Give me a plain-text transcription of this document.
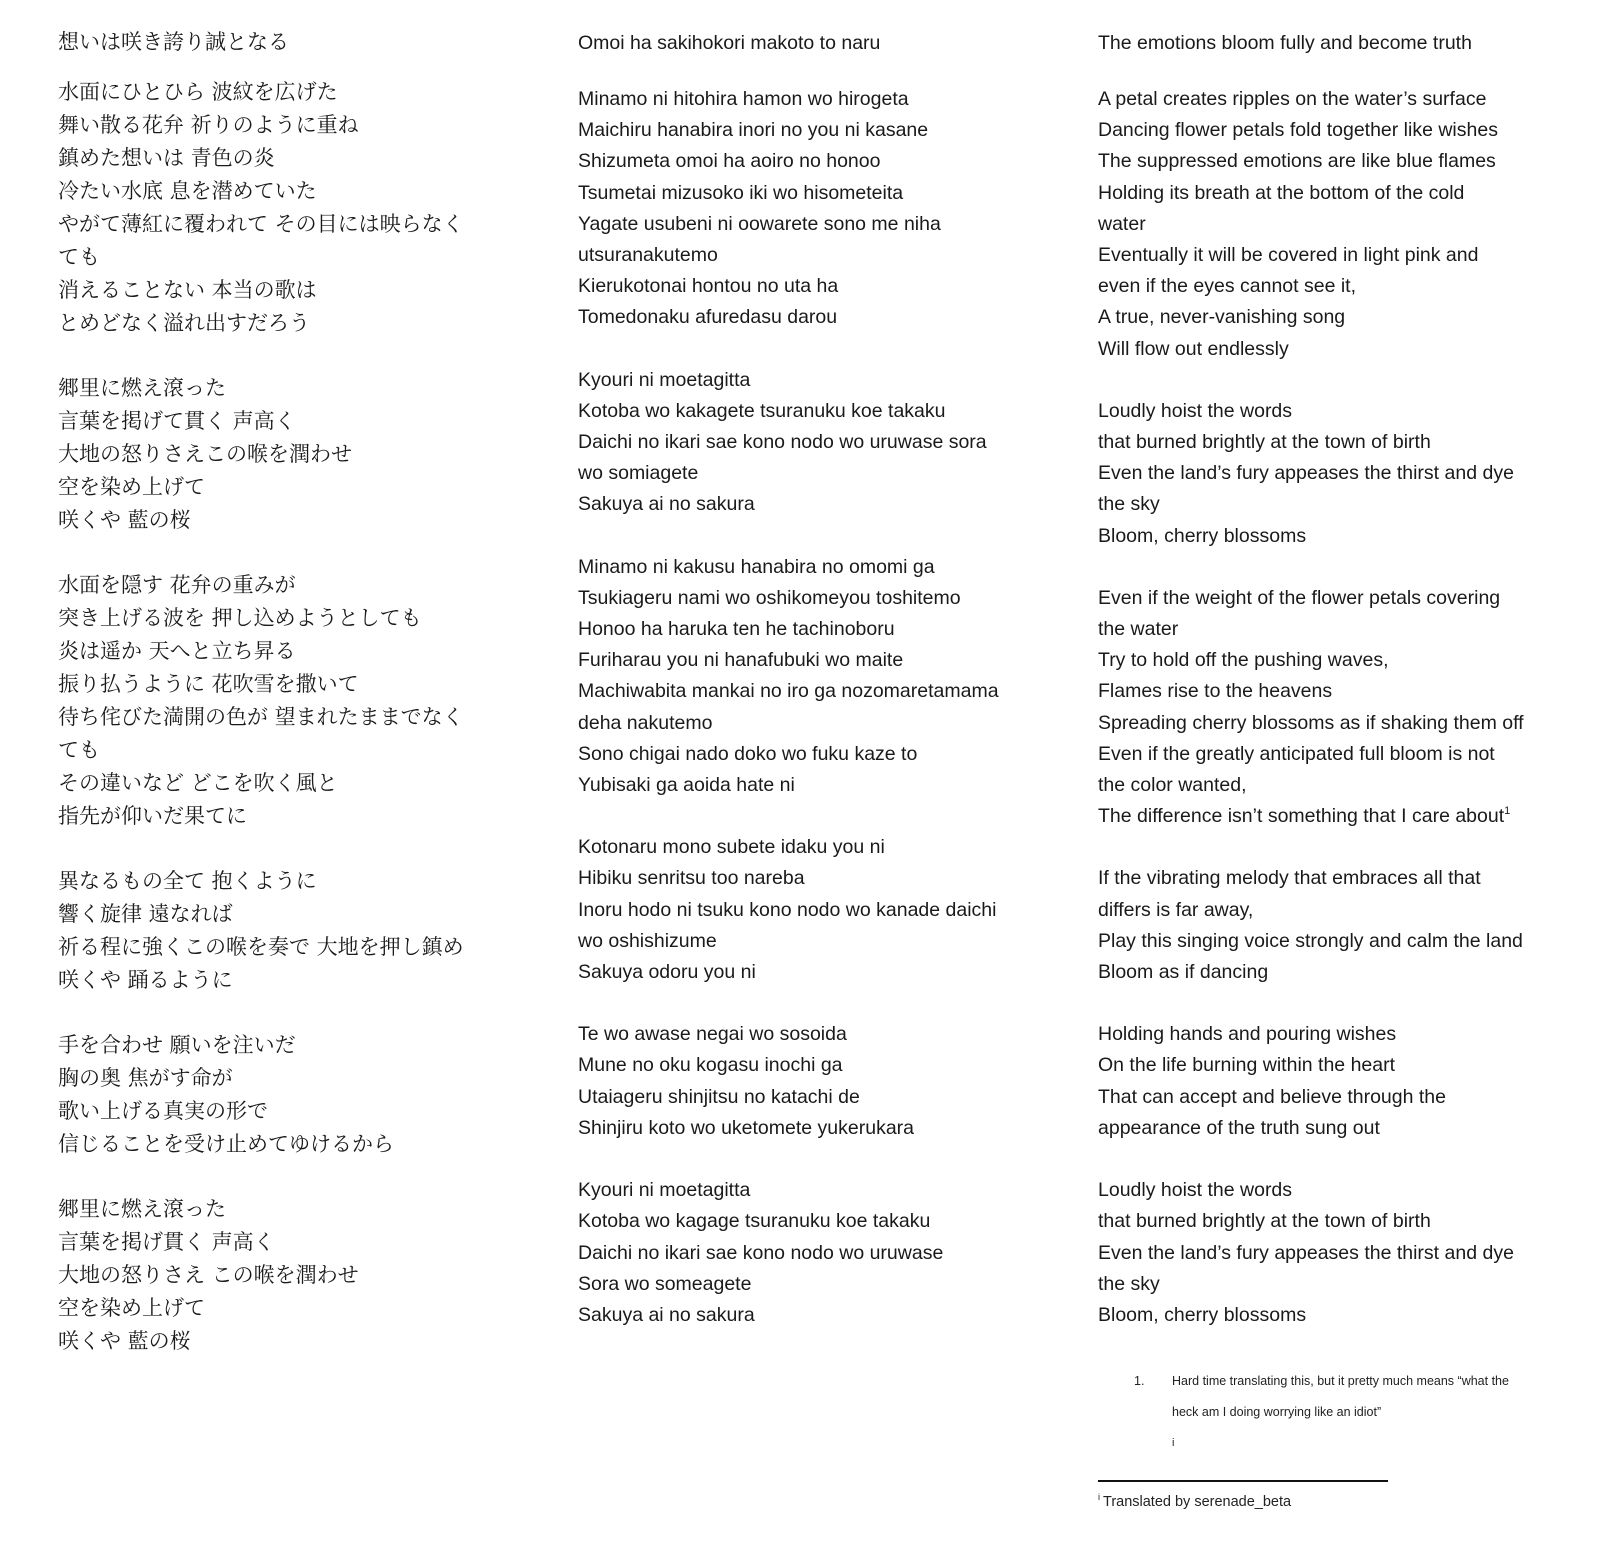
想いは咲き誇り誠となる
水面にひとひら 波紋を広げた
舞い散る花弁 祈りのように重ね
鎮めた想いは 青色の炎
冷たい水底 息を潜めていた
やがて薄紅に覆われて その目には映らなく
ても
消えることない 本当の歌は
とめどなく溢れ出すだろう
郷里に燃え滾った
言葉を掲げて貫く 声高く
大地の怒りさえこの喉を潤わせ
空を染め上げて
咲くや 藍の桜
水面を隠す 花弁の重みが
突き上げる波を 押し込めようとしても
炎は遥か 天へと立ち昇る
振り払うように 花吹雪を撒いて
待ち侘びた満開の色が 望まれたままでなく
ても
その違いなど どこを吹く風と
指先が仰いだ果てに
異なるもの全て 抱くように
響く旋律 遠なれば
祈る程に強くこの喉を奏で 大地を押し鎮め
咲くや 踊るように
手を合わせ 願いを注いだ
胸の奥 焦がす命が
歌い上げる真実の形で
信じることを受け止めてゆけるから
郷里に燃え滾った
言葉を掲げ貫く 声高く
大地の怒りさえ この喉を潤わせ
空を染め上げて
咲くや 藍の桜
Omoi ha sakihokori makoto to naru
Minamo ni hitohira hamon wo hirogeta
Maichiru hanabira inori no you ni kasane
Shizumeta omoi ha aoiro no honoo
Tsumetai mizusoko iki wo hisometeita
Yagate usubeni ni oowarete sono me niha
utsuranakutemo
Kierukotonai hontou no uta ha
Tomedonaku afuredasu darou
Kyouri ni moetagitta
Kotoba wo kakagete tsuranuku koe takaku
Daichi no ikari sae kono nodo wo uruwase sora
wo somiagete
Sakuya ai no sakura
Minamo ni kakusu hanabira no omomi ga
Tsukiageru nami wo oshikomeyou toshitemo
Honoo ha haruka ten he tachinoboru
Furiharau you ni hanafubuki wo maite
Machiwabita mankai no iro ga nozomaretamama
deha nakutemo
Sono chigai nado doko wo fuku kaze to
Yubisaki ga aoida hate ni
Kotonaru mono subete idaku you ni
Hibiku senritsu too nareba
Inoru hodo ni tsuku kono nodo wo kanade daichi
wo oshishizume
Sakuya odoru you ni
Te wo awase negai wo sosoida
Mune no oku kogasu inochi ga
Utaiageru shinjitsu no katachi de
Shinjiru koto wo uketomete yukerukara
Kyouri ni moetagitta
Kotoba wo kagage tsuranuku koe takaku
Daichi no ikari sae kono nodo wo uruwase
Sora wo someagete
Sakuya ai no sakura
The emotions bloom fully and become truth
A petal creates ripples on the water’s surface
Dancing flower petals fold together like wishes
The suppressed emotions are like blue flames
Holding its breath at the bottom of the cold
water
Eventually it will be covered in light pink and
even if the eyes cannot see it,
A true, never-vanishing song
Will flow out endlessly
Loudly hoist the words
that burned brightly at the town of birth
Even the land’s fury appeases the thirst and dye
the sky
Bloom, cherry blossoms
Even if the weight of the flower petals covering
the water
Try to hold off the pushing waves,
Flames rise to the heavens
Spreading cherry blossoms as if shaking them off
Even if the greatly anticipated full bloom is not
the color wanted,
The difference isn’t something that I care about$^1$
If the vibrating melody that embraces all that
differs is far away,
Play this singing voice strongly and calm the land
Bloom as if dancing
Holding hands and pouring wishes
On the life burning within the heart
That can accept and believe through the
appearance of the truth sung out
Loudly hoist the words
that burned brightly at the town of birth
Even the land’s fury appeases the thirst and dye
the sky
Bloom, cherry blossoms
1. Hard time translating this, but it pretty much means “what the
heck am I doing worrying like an idiot”
i
$^i$ Translated by serenade_beta
